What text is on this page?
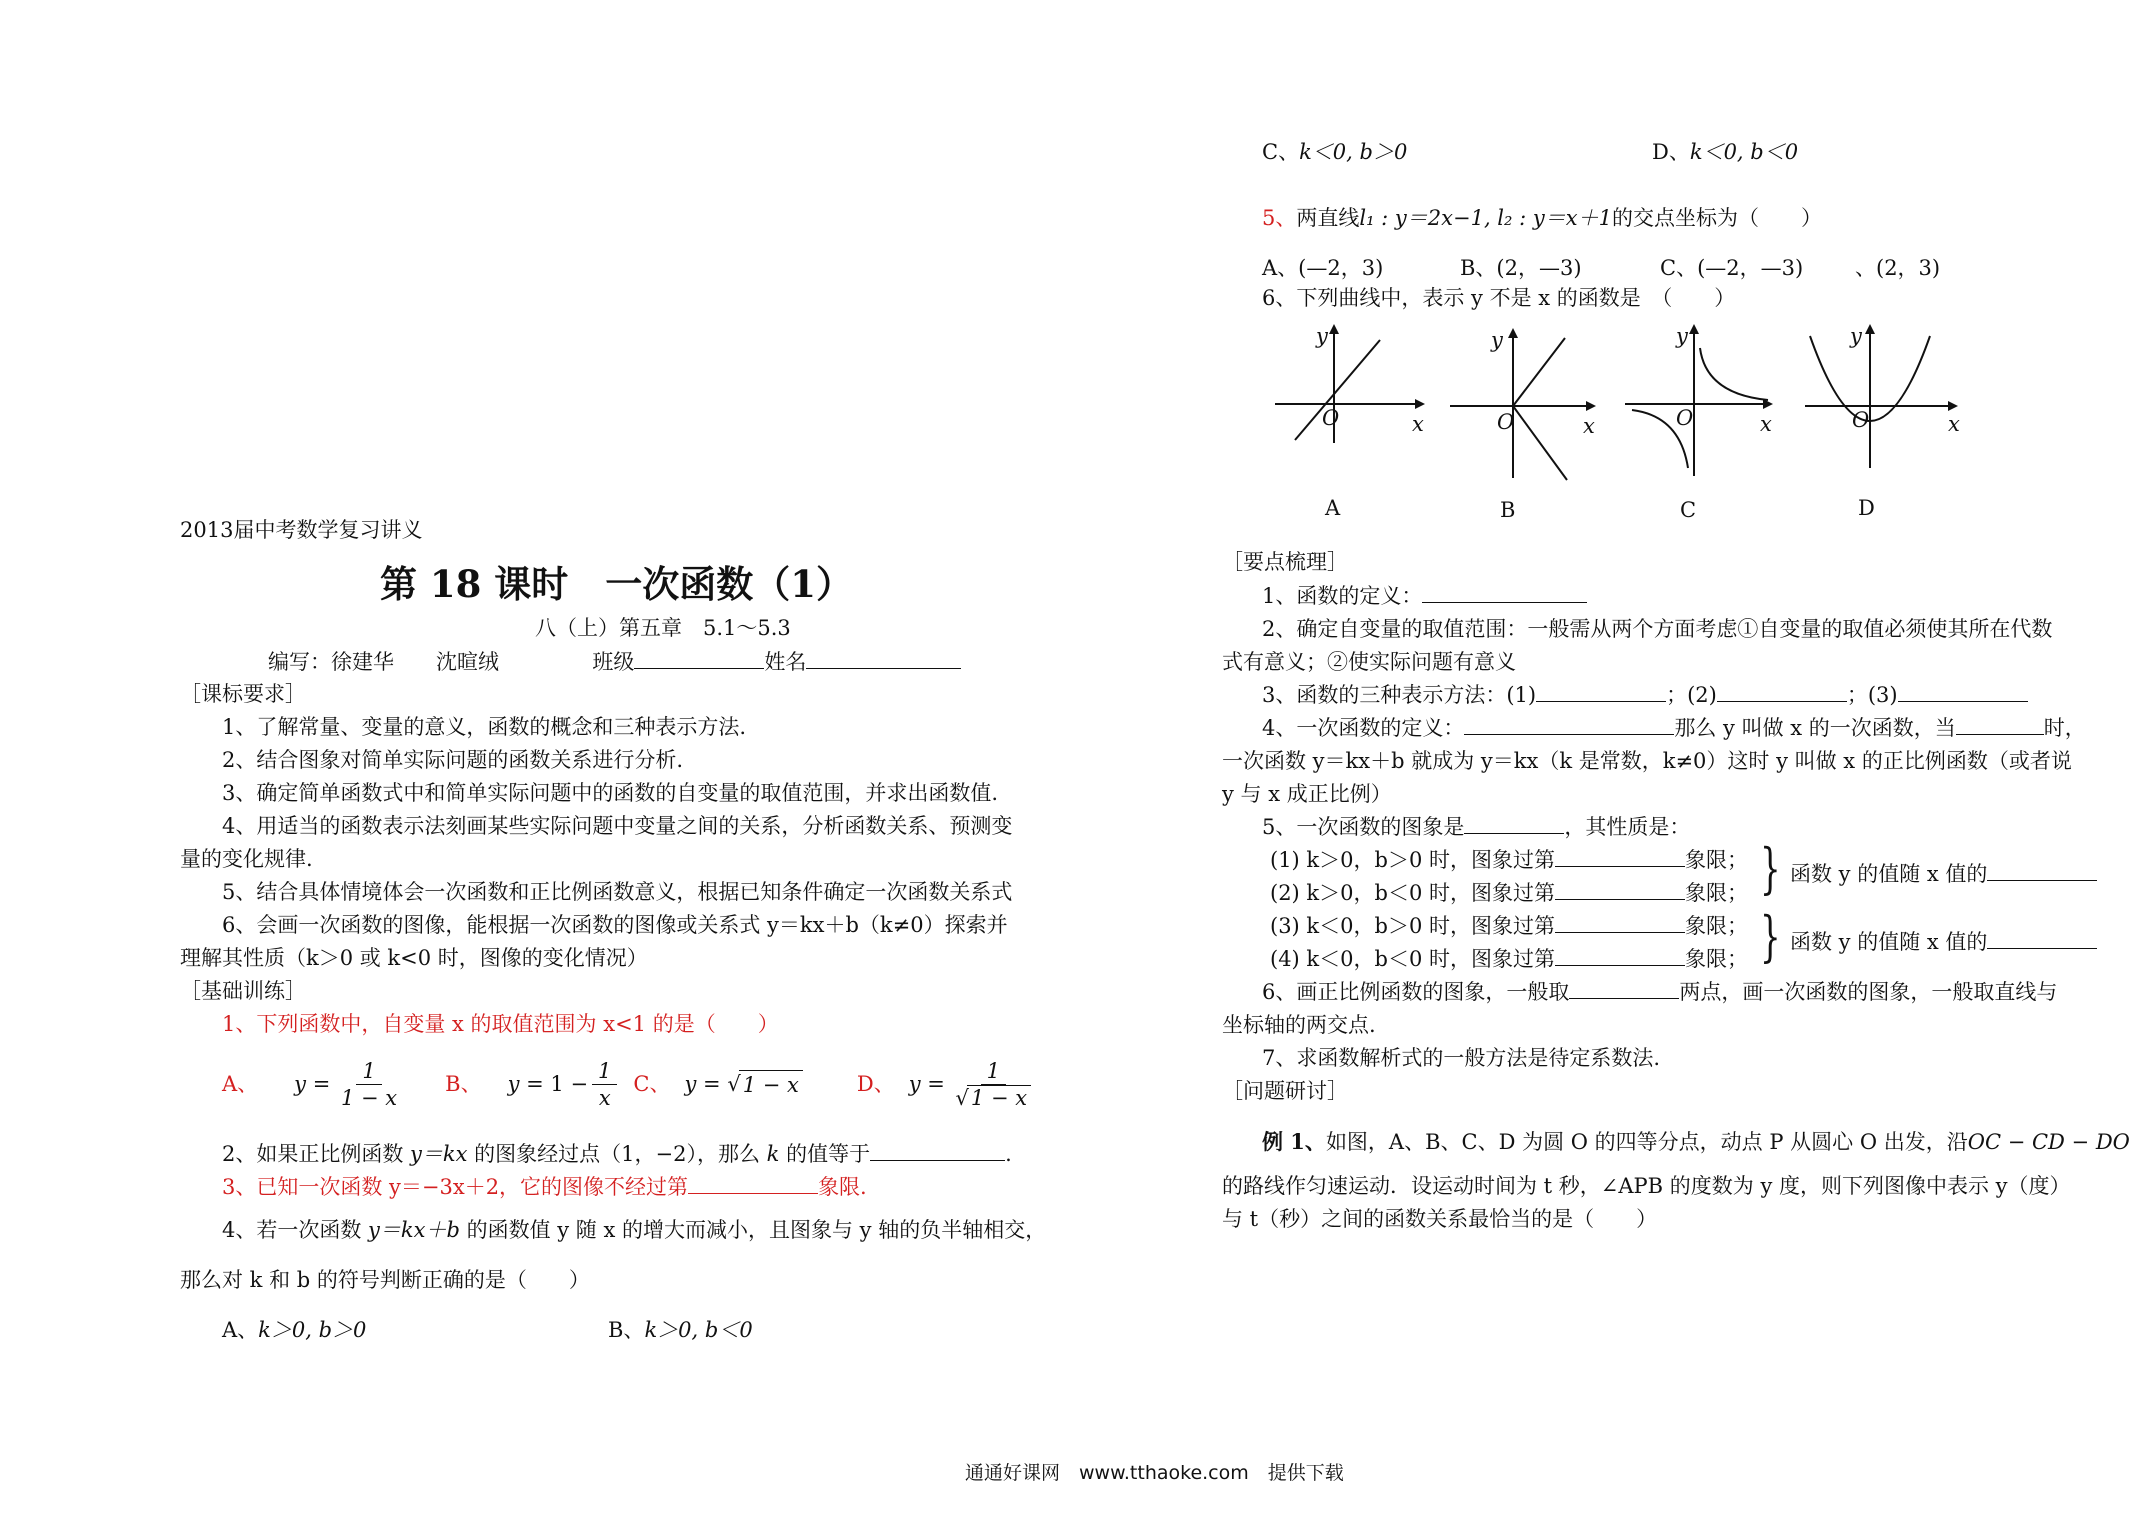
2013届中考数学复习讲义
第 18 课时　一次函数（1）
八（上）第五章　5.1～5.3
编写：徐建华　　沈暄绒	班级	姓名
［课标要求］
1、了解常量、变量的意义，函数的概念和三种表示方法.
2、结合图象对简单实际问题的函数关系进行分析.
3、确定简单函数式中和简单实际问题中的函数的自变量的取值范围，并求出函数值.
4、用适当的函数表示法刻画某些实际问题中变量之间的关系，分析函数关系、预测变
量的变化规律.
5、结合具体情境体会一次函数和正比例函数意义，根据已知条件确定一次函数关系式
6、会画一次函数的图像，能根据一次函数的图像或关系式 y＝kx＋b（k≠0）探索并
理解其性质（k＞0 或 k<0 时，图像的变化情况）
［基础训练］
1、下列函数中，自变量 x 的取值范围为 x<1 的是（　　）
A、 $y = \frac{1}{1 - x}$ B、 $y = 1 - \frac{1}{x}$ C、 y = √ 1 − x	D、 $y = \frac{1}{√1 - x}$
2、如果正比例函数 y＝kx 的图象经过点（1，−2），那么 k 的值等于	.
3、已知一次函数 y＝−3x＋2，它的图像不经过第	象限.
4、若一次函数 y＝kx＋b 的函数值 y 随 x 的增大而减小，且图象与 y 轴的负半轴相交，
那么对 k 和 b 的符号判断正确的是（　　）
A、k＞0, b＞0	B、k＞0, b＜0
C、k＜0, b＞0	D、k＜0, b＜0
5、两直线l₁ : y＝2x−1, l₂ : y＝x＋1的交点坐标为（　　）
A、(—2，3)	B、(2，—3)	C、(—2，—3) 、(2，3)
6、下列曲线中，表示 y 不是 x 的函数是　（　　）
y
x
O
A
y
x
O
B
y
x
O
C
y
x
O
D
［要点梳理］
1、函数的定义：
2、确定自变量的取值范围：一般需从两个方面考虑①自变量的取值必须使其所在代数
式有意义；②使实际问题有意义
3、函数的三种表示方法：(1)	；(2)	；(3)
4、一次函数的定义：	那么 y 叫做 x 的一次函数，当	时，
一次函数 y＝kx＋b 就成为 y＝kx（k 是常数，k≠0）这时 y 叫做 x 的正比例函数（或者说
y 与 x 成正比例）
5、一次函数的图象是	，其性质是：
(1) k＞0，b＞0 时，图象过第	象限；
(2) k＞0，b＜0 时，图象过第	象限；
(3) k＜0，b＞0 时，图象过第	象限；
(4) k＜0，b＜0 时，图象过第	象限；
} 函数 y 的值随 x 值的
} 函数 y 的值随 x 值的
6、画正比例函数的图象，一般取	两点，画一次函数的图象，一般取直线与
坐标轴的两交点.
7、求函数解析式的一般方法是待定系数法.
［问题研讨］
例 1、如图，A、B、C、D 为圆 O 的四等分点，动点 P 从圆心 O 出发，沿OC − CD − DO
的路线作匀速运动．设运动时间为 t 秒，∠APB 的度数为 y 度，则下列图像中表示 y（度）
与 t（秒）之间的函数关系最恰当的是（　　）
通通好课网　www.tthaoke.com　提供下载
